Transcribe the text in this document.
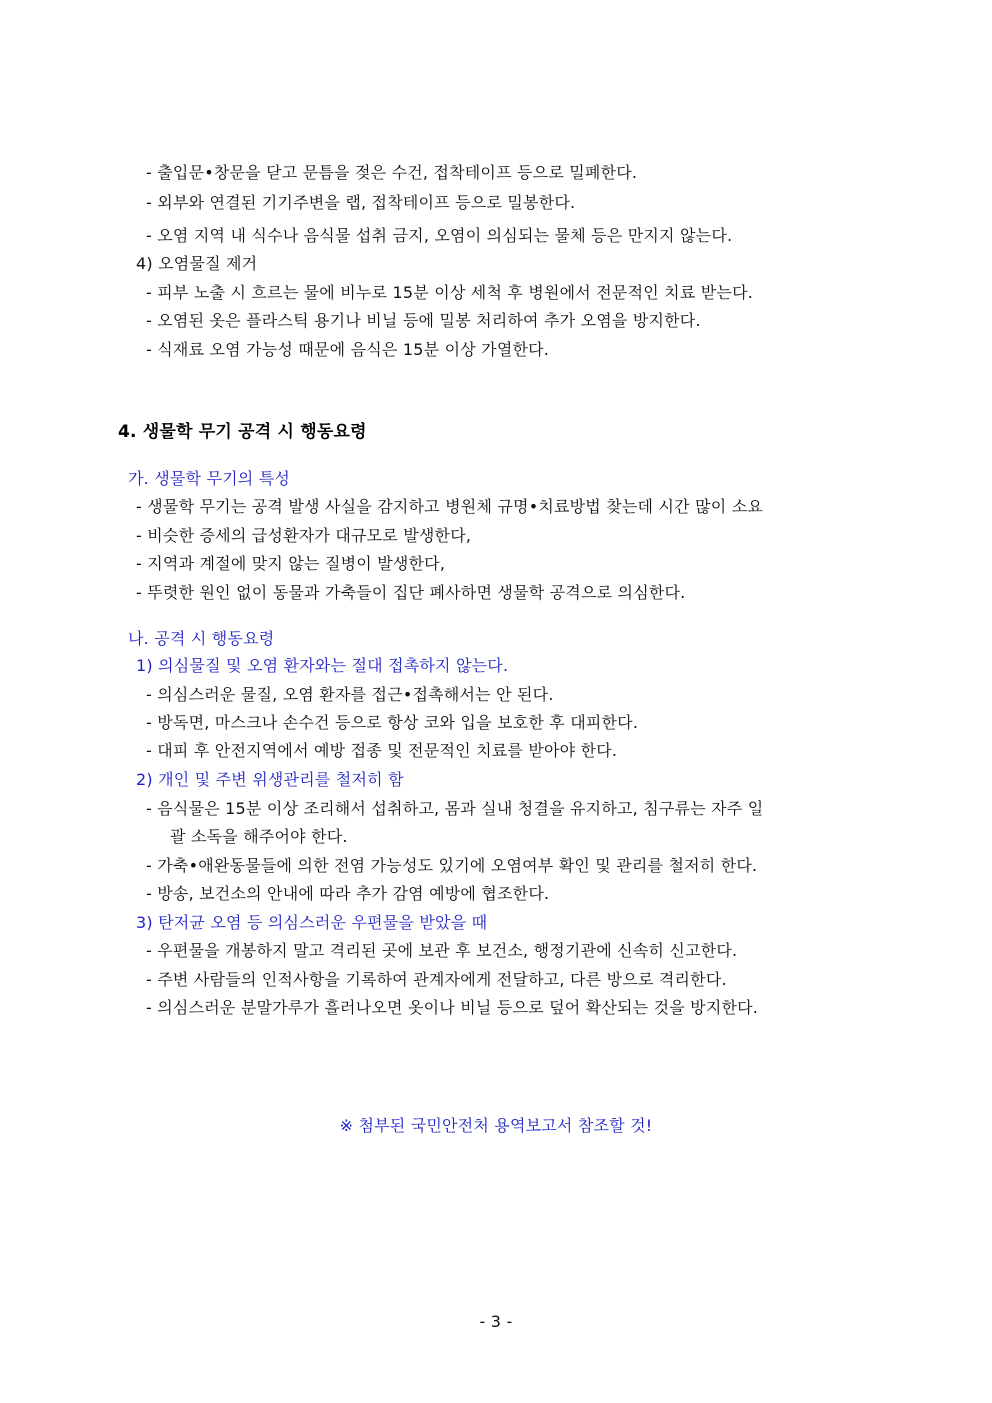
- 출입문•창문을 닫고 문틈을 젖은 수건, 접착테이프 등으로 밀폐한다.
- 외부와 연결된 기기주변을 랩, 접착테이프 등으로 밀봉한다.
- 오염 지역 내 식수나 음식물 섭취 금지, 오염이 의심되는 물체 등은 만지지 않는다.
4) 오염물질 제거
- 피부 노출 시 흐르는 물에 비누로 15분 이상 세척 후 병원에서 전문적인 치료 받는다.
- 오염된 옷은 플라스틱 용기나 비닐 등에 밀봉 처리하여 추가 오염을 방지한다.
- 식재료 오염 가능성 때문에 음식은 15분 이상 가열한다.
4. 생물학 무기 공격 시 행동요령
가. 생물학 무기의 특성
- 생물학 무기는 공격 발생 사실을 감지하고 병원체 규명•치료방법 찾는데 시간 많이 소요
- 비슷한 증세의 급성환자가 대규모로 발생한다,
- 지역과 계절에 맞지 않는 질병이 발생한다,
- 뚜렷한 원인 없이 동물과 가축들이 집단 폐사하면 생물학 공격으로 의심한다.
나. 공격 시 행동요령
1) 의심물질 및 오염 환자와는 절대 접촉하지 않는다.
- 의심스러운 물질, 오염 환자를 접근•접촉해서는 안 된다.
- 방독면, 마스크나 손수건 등으로 항상 코와 입을 보호한 후 대피한다.
- 대피 후 안전지역에서 예방 접종 및 전문적인 치료를 받아야 한다.
2) 개인 및 주변 위생관리를 철저히 함
- 음식물은 15분 이상 조리해서 섭취하고, 몸과 실내 청결을 유지하고, 침구류는 자주 일
괄 소독을 해주어야 한다.
- 가축•애완동물들에 의한 전염 가능성도 있기에 오염여부 확인 및 관리를 철저히 한다.
- 방송, 보건소의 안내에 따라 추가 감염 예방에 협조한다.
3) 탄저균 오염 등 의심스러운 우편물을 받았을 때
- 우편물을 개봉하지 말고 격리된 곳에 보관 후 보건소, 행정기관에 신속히 신고한다.
- 주변 사람들의 인적사항을 기록하여 관계자에게 전달하고, 다른 방으로 격리한다.
- 의심스러운 분말가루가 흘러나오면 옷이나 비닐 등으로 덮어 확산되는 것을 방지한다.
※ 첨부된 국민안전처 용역보고서 참조할 것!
- 3 -
